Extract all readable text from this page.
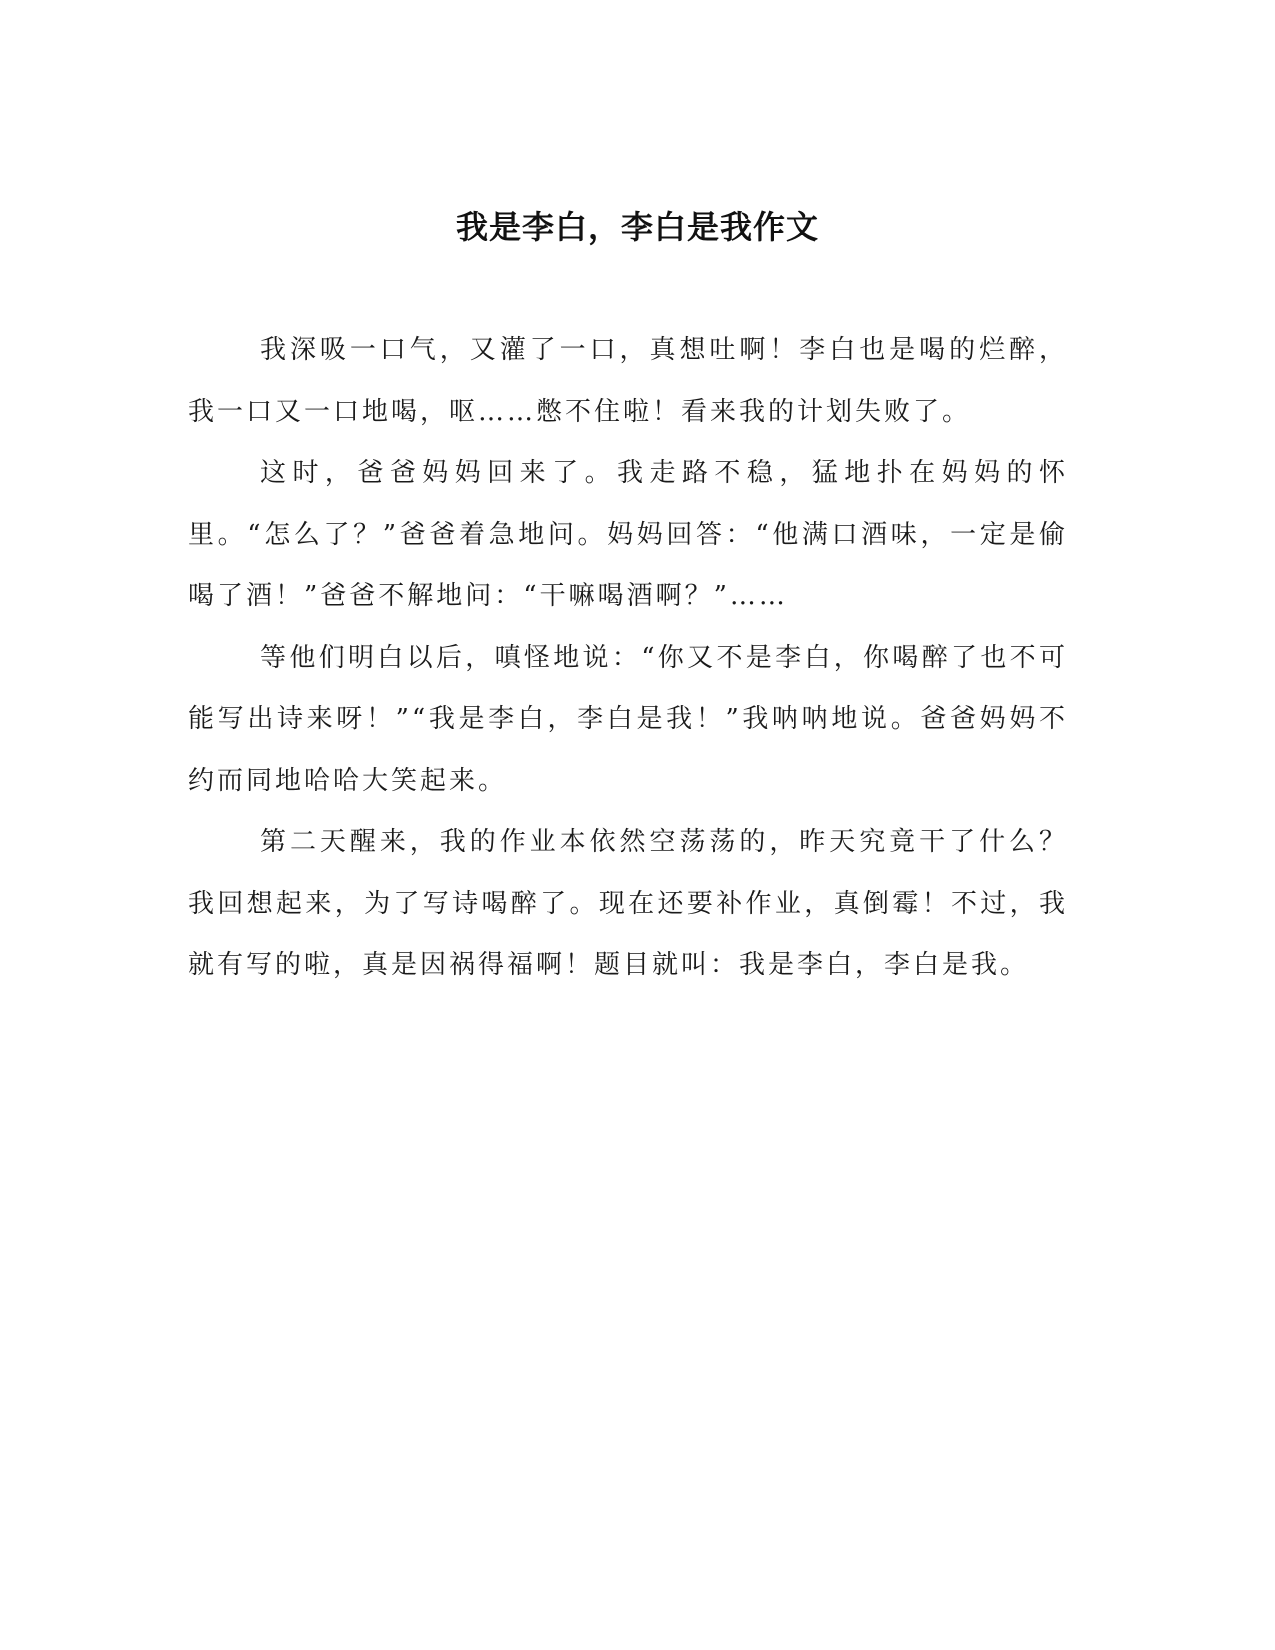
我是李白，李白是我作文

我深吸一口气，又灌了一口，真想吐啊！李白也是喝的烂醉，我一口又一口地喝，呕……憋不住啦！看来我的计划失败了。

这时，爸爸妈妈回来了。我走路不稳，猛地扑在妈妈的怀里。“怎么了？”爸爸着急地问。妈妈回答：“他满口酒味，一定是偷喝了酒！”爸爸不解地问：“干嘛喝酒啊？”……

等他们明白以后，嗔怪地说：“你又不是李白，你喝醉了也不可能写出诗来呀！”“我是李白，李白是我！”我呐呐地说。爸爸妈妈不约而同地哈哈大笑起来。

第二天醒来，我的作业本依然空荡荡的，昨天究竟干了什么？我回想起来，为了写诗喝醉了。现在还要补作业，真倒霉！不过，我就有写的啦，真是因祸得福啊！题目就叫：我是李白，李白是我。
